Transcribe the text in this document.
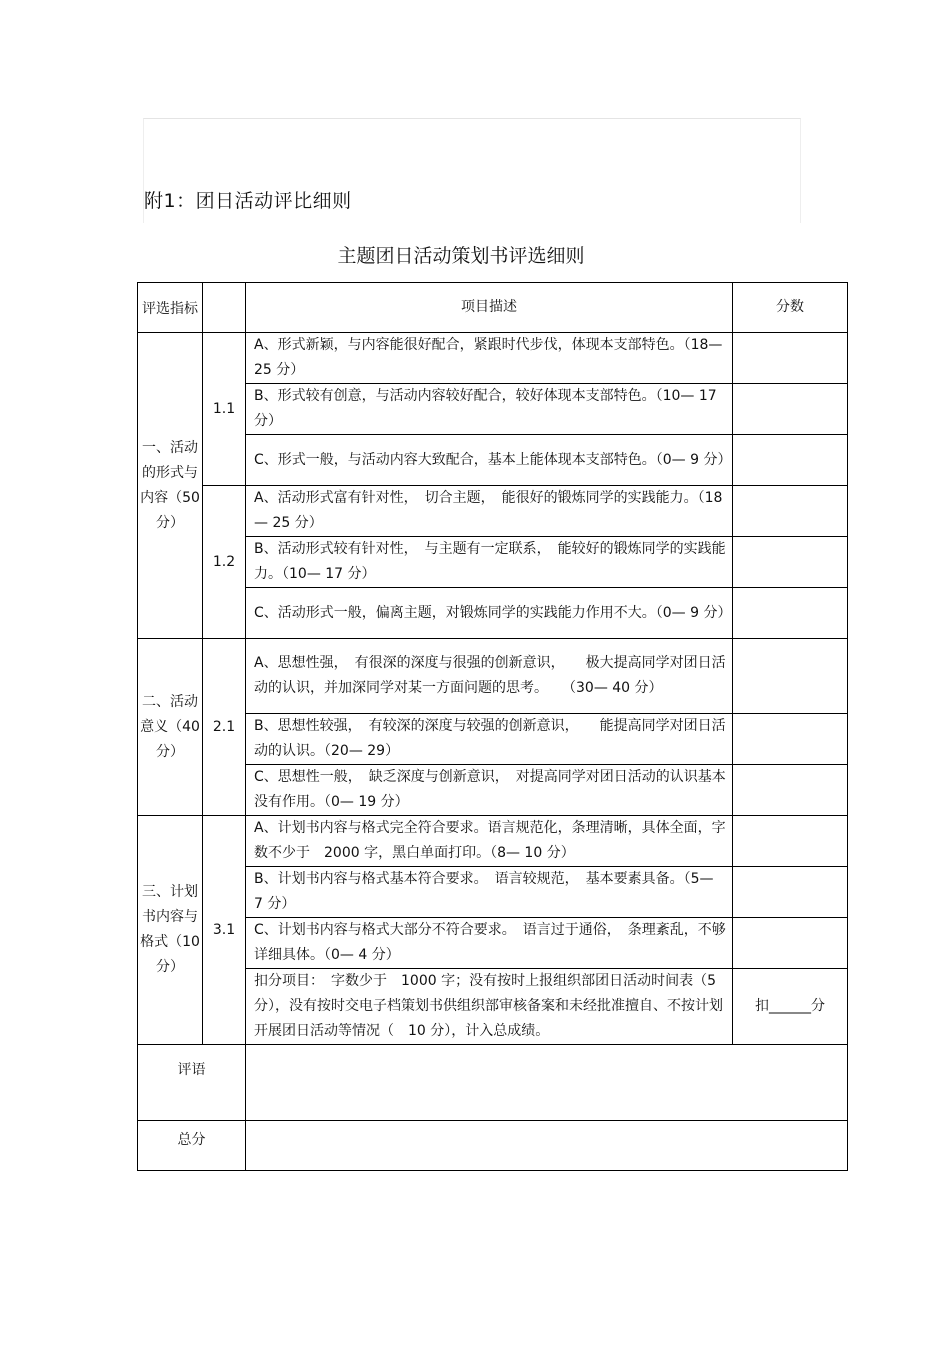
附1：团日活动评比细则
主题团日活动策划书评选细则
评选指标		项目描述	分数

一、活动的形式与内容（50分）	1.1	A、形式新颖，与内容能很好配合，紧跟时代步伐，体现本支部特色。（18— 25 分）	
		B、形式较有创意，与活动内容较好配合，较好体现本支部特色。（10— 17 分）	
		C、形式一般，与活动内容大致配合，基本上能体现本支部特色。（0— 9 分）	
	1.2	A、活动形式富有针对性，　切合主题，　能很好的锻炼同学的实践能力。（18— 25 分）	
		B、活动形式较有针对性，　与主题有一定联系，　能较好的锻炼同学的实践能力。（10— 17 分）	
		C、活动形式一般，偏离主题，对锻炼同学的实践能力作用不大。（0— 9 分）	

二、活动意义（40分）	2.1	A、思想性强，　有很深的深度与很强的创新意识，　　极大提高同学对团日活动的认识，并加深同学对某一方面问题的思考。　　（30— 40 分）	
		B、思想性较强，　有较深的深度与较强的创新意识，　　能提高同学对团日活动的认识。（20— 29）	
		C、思想性一般，　缺乏深度与创新意识，　对提高同学对团日活动的认识基本没有作用。（0— 19 分）	

三、计划书内容与格式（10分）	3.1	A、计划书内容与格式完全符合要求。语言规范化，条理清晰，具体全面，字数不少于　2000 字，黑白单面打印。（8— 10 分）	
		B、计划书内容与格式基本符合要求。　语言较规范，　基本要素具备。（5— 7 分）	
		C、计划书内容与格式大部分不符合要求。　语言过于通俗，　条理紊乱，不够详细具体。（0— 4 分）	
		扣分项目：　字数少于　1000 字；没有按时上报组织部团日活动时间表（5 分），没有按时交电子档策划书供组织部审核备案和未经批准擅自、不按计划开展团日活动等情况（　10 分），计入总成绩。	扣______分

评语			

总分			
